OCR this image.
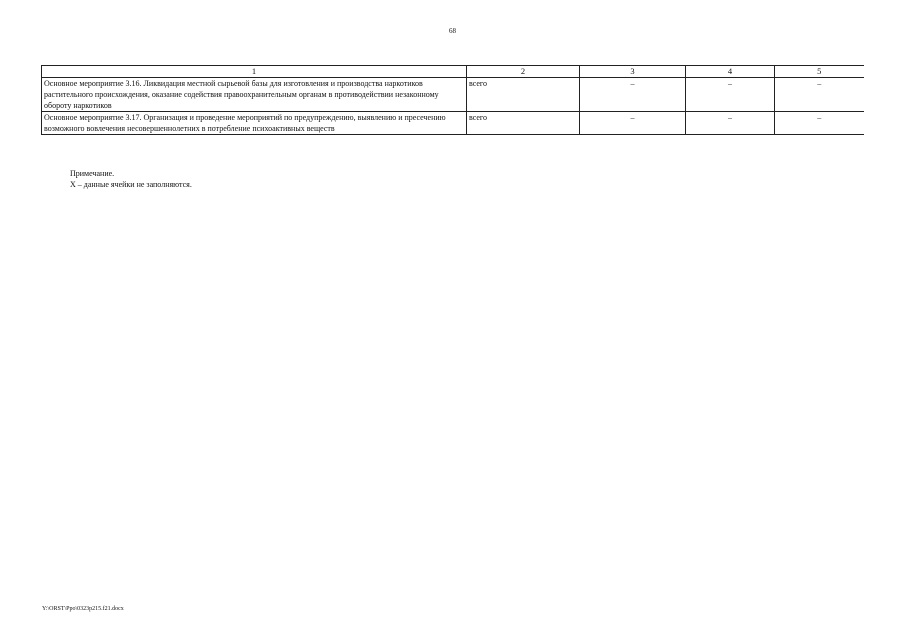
68
1	2	3	4	5
Основное мероприятие 3.16. Ликвидация местной сырьевой базы для изготовления и производства наркотиков растительного происхождения, оказание содействия правоохранительным органам в противодействии незаконному обороту наркотиков	всего	–	–	–
Основное мероприятие 3.17. Организация и проведение мероприятий по предупреждению, выявлению и пресечению возможного вовлечения несовершеннолетних в потребление психоактивных веществ	всего	–	–	–
Примечание.
Х – данные ячейки не заполняются.
Y:\ORST\Ppo\0323p215.f21.docx
